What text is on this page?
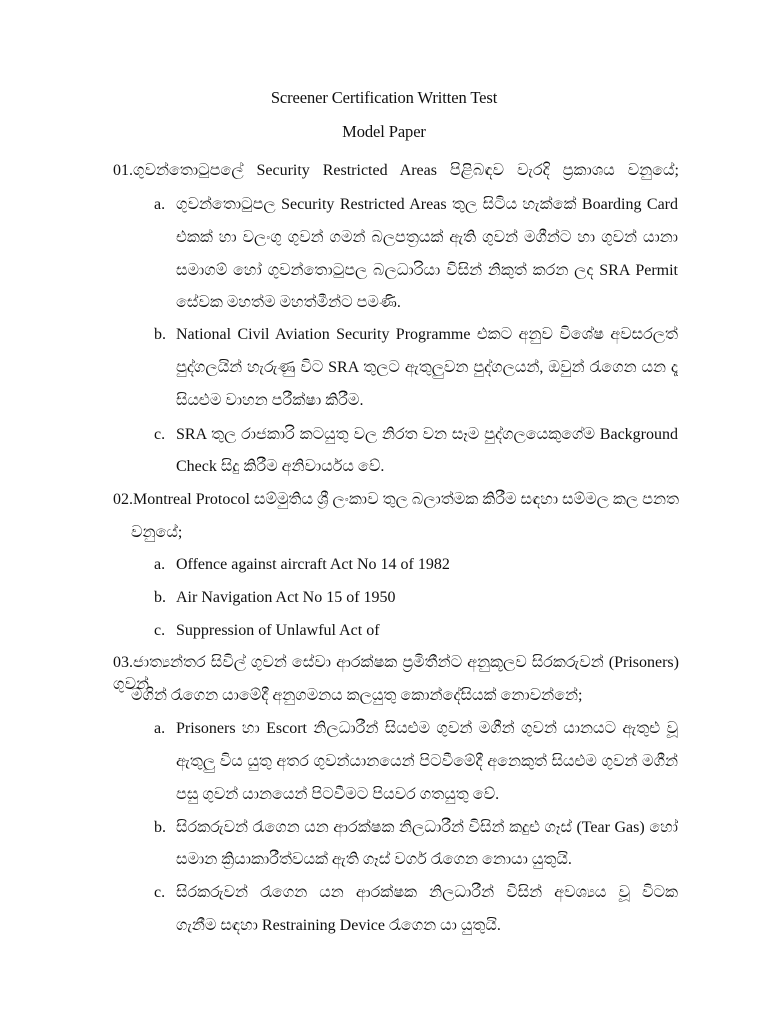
Screener Certification Written Test
Model Paper
01.ගුවන්තොටුපලේ Security Restricted Areas පිළිබඳව වැරදි ප්‍රකාශය වනුයේ;
a. ගුවන්තොටුපල Security Restricted Areas තුල සිටිය හැක්කේ Boarding Card
එකක් හා වලංගු ගුවන් ගමන් බලපත්‍රයක් ඇති ගුවන් මගීන්ට හා ගුවන් යානා
සමාගම් හෝ ගුවන්තොටුපල බලධාරියා විසින් නිකුත් කරන ලද SRA Permit
සේවක මහත්ම මහත්මීන්ට පමණි.
b. National Civil Aviation Security Programme එකට අනුව විශේෂ අවසරලත්
පුද්ගලයින් හැරුණු විට SRA තුලට ඇතුලුවන පුද්ගලයන්, ඔවුන් රැගෙන යන දෑ
සියළුම වාහන පරීක්ෂා කිරීම.
c. SRA තුල රාජකාරි කටයුතු වල නිරත වන සෑම පුද්ගලයෙකුගේම Background
Check සිදු කිරීම අනිවාර්යය වේ.
02.Montreal Protocol සම්මුතිය ශ්‍රී ලංකාව තුල බලාත්මක කිරීම සඳහා සම්මල කල පනත
වනුයේ;
a. Offence against aircraft Act No 14 of 1982
b. Air Navigation Act No 15 of 1950
c. Suppression of Unlawful Act of
03.ජාත්‍යන්තර සිවිල් ගුවන් සේවා ආරක්ෂක ප්‍රමිතීන්ට අනුකූලව සිරකරුවන් (Prisoners) ගුවන්
මගින් රැගෙන යාමේදී අනුගමනය කලයුතු කොන්දේසියක් නොවන්නේ;
a. Prisoners හා Escort නිලධාරීන් සියළුම ගුවන් මගීන් ගුවන් යානයට ඇතුළු වූ
ඇතුලු විය යුතු අතර ගුවන්යානයෙන් පිටවීමේදී අනෙකුත් සියළුම ගුවන් මගීන්
පසු ගුවන් යානයෙන් පිටවීමට පියවර ගතයුතු වේ.
b. සිරකරුවන් රැගෙන යන ආරක්ෂක නිලධාරීන් විසින් කදුළු ගෑස් (Tear Gas) හෝ
සමාන ක්‍රියාකාරීත්වයක් ඇති ගෑස් වර්ග රැගෙන නොයා යුතුයි.
c. සිරකරුවන් රැගෙන යන ආරක්ෂක නිලධාරීන් විසින් අවශ්‍යය වූ විටක
ගැනීම සඳහා Restraining Device රැගෙන යා යුතුයි.
